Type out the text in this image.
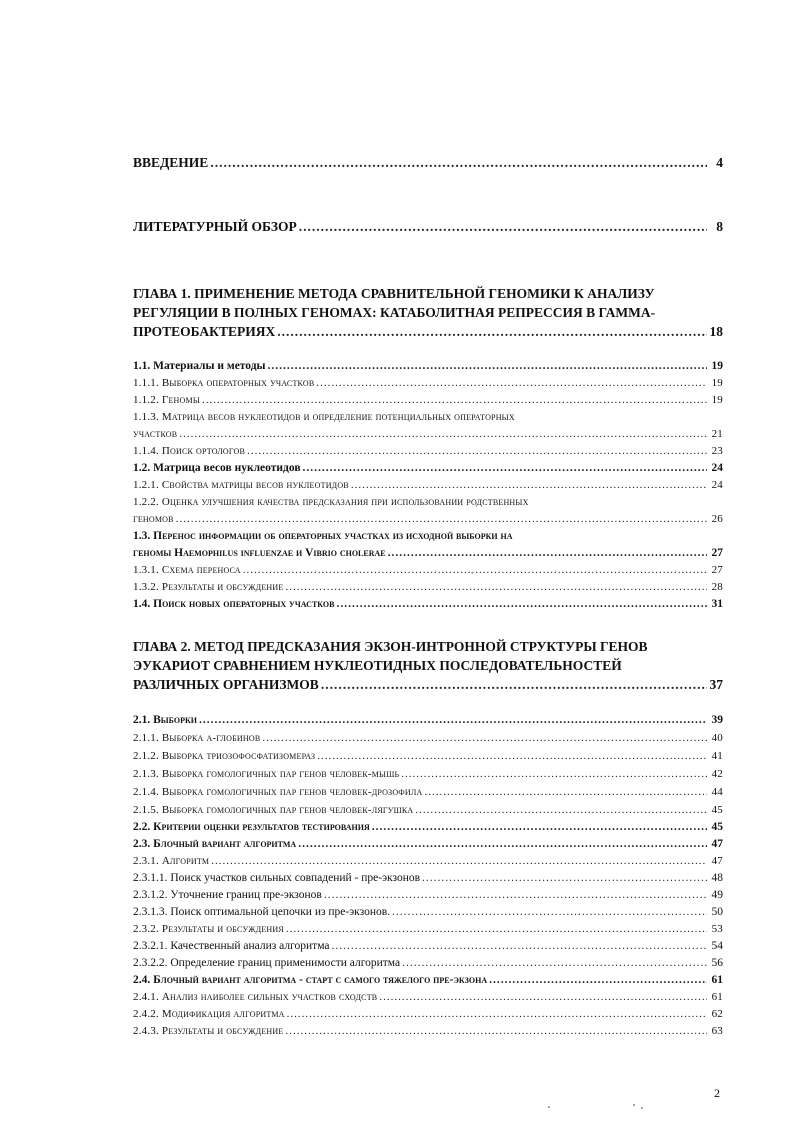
ВВЕДЕНИЕ .....	4
ЛИТЕРАТУРНЫЙ ОБЗОР .....	8
ГЛАВА 1. ПРИМЕНЕНИЕ МЕТОДА СРАВНИТЕЛЬНОЙ ГЕНОМИКИ К АНАЛИЗУ
РЕГУЛЯЦИИ В ПОЛНЫХ ГЕНОМАХ: КАТАБОЛИТНАЯ РЕПРЕССИЯ В ГАММА-
ПРОТЕОБАКТЕРИЯХ .....	18
1.1. Материалы и методы .....	19
1.1.1. Выборка операторных участков .....	19
1.1.2. Геномы .....	19
1.1.3. Матрица весов нуклеотидов и определение потенциальных операторных
участков .....	21
1.1.4. Поиск ортологов .....	23
1.2. Матрица весов нуклеотидов .....	24
1.2.1. Свойства матрицы весов нуклеотидов .....	24
1.2.2. Оценка улучшения качества предсказания при использовании родственных
геномов .....	26
1.3. Перенос информации об операторных участках из исходной выборки на
геномы Haemophilus influenzae и Vibrio cholerae .....	27
1.3.1. Схема переноса .....	27
1.3.2. Результаты и обсуждение .....	28
1.4. Поиск новых операторных участков .....	31
ГЛАВА 2. МЕТОД ПРЕДСКАЗАНИЯ ЭКЗОН-ИНТРОННОЙ СТРУКТУРЫ ГЕНОВ
ЭУКАРИОТ СРАВНЕНИЕМ НУКЛЕОТИДНЫХ ПОСЛЕДОВАТЕЛЬНОСТЕЙ
РАЗЛИЧНЫХ ОРГАНИЗМОВ .....	37
2.1. Выборки .....	39
2.1.1. Выборка α-глобинов .....	40
2.1.2. Выборка триозофосфатизомераз .....	41
2.1.3. Выборка гомологичных пар генов человек-мышь .....	42
2.1.4. Выборка гомологичных пар генов человек-дрозофила .....	44
2.1.5. Выборка гомологичных пар генов человек-лягушка .....	45
2.2. Критерии оценки результатов тестирования .....	45
2.3. Блочный вариант алгоритма .....	47
2.3.1. Алгоритм .....	47
2.3.1.1. Поиск участков сильных совпадений - пре-экзонов .....	48
2.3.1.2. Уточнение границ пре-экзонов .....	49
2.3.1.3. Поиск оптимальной цепочки из пре-экзонов. .....	50
2.3.2. Результаты и обсуждения .....	53
2.3.2.1. Качественный анализ алгоритма .....	54
2.3.2.2. Определение границ применимости алгоритма .....	56
2.4. Блочный вариант алгоритма - старт с самого тяжелого пре-экзона .....	61
2.4.1. Анализ наиболее сильных участков сходств .....	61
2.4.2. Модификация алгоритма .....	62
2.4.3. Результаты и обсуждение .....	63
2
